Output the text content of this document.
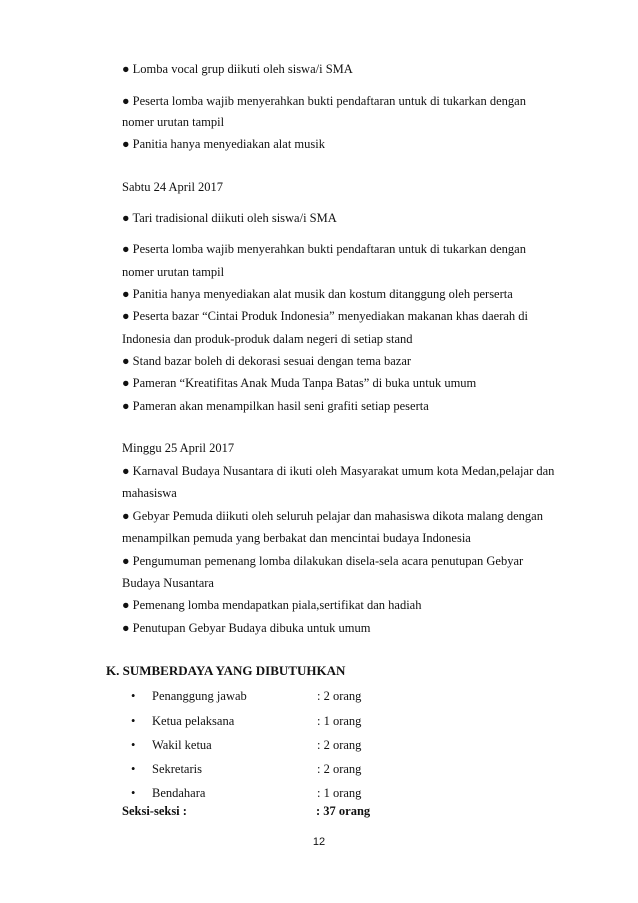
● Lomba vocal grup diikuti oleh siswa/i SMA
● Peserta lomba wajib menyerahkan bukti pendaftaran untuk di tukarkan dengan
nomer urutan tampil
● Panitia hanya menyediakan alat musik
Sabtu 24 April 2017
● Tari tradisional diikuti oleh siswa/i SMA
● Peserta lomba wajib menyerahkan bukti pendaftaran untuk di tukarkan dengan
nomer urutan tampil
● Panitia hanya menyediakan alat musik dan kostum ditanggung oleh perserta
● Peserta bazar “Cintai Produk Indonesia” menyediakan makanan khas daerah di
Indonesia dan produk-produk dalam negeri di setiap stand
● Stand bazar boleh di dekorasi sesuai dengan tema bazar
● Pameran “Kreatifitas Anak Muda Tanpa Batas” di buka untuk umum
● Pameran akan menampilkan hasil seni grafiti setiap peserta
Minggu 25 April 2017
● Karnaval Budaya Nusantara di ikuti oleh Masyarakat umum kota Medan,pelajar dan
mahasiswa
● Gebyar Pemuda diikuti oleh seluruh pelajar dan mahasiswa dikota malang dengan
menampilkan pemuda yang berbakat dan mencintai budaya Indonesia
● Pengumuman pemenang lomba dilakukan disela-sela acara penutupan Gebyar
Budaya Nusantara
● Pemenang lomba mendapatkan piala,sertifikat dan hadiah
● Penutupan Gebyar Budaya dibuka untuk umum
K. SUMBERDAYA YANG DIBUTUHKAN
• Penanggung jawab	: 2 orang
• Ketua pelaksana	: 1 orang
• Wakil ketua	: 2 orang
• Sekretaris	: 2 orang
• Bendahara	: 1 orang
Seksi-seksi :	: 37 orang
12
